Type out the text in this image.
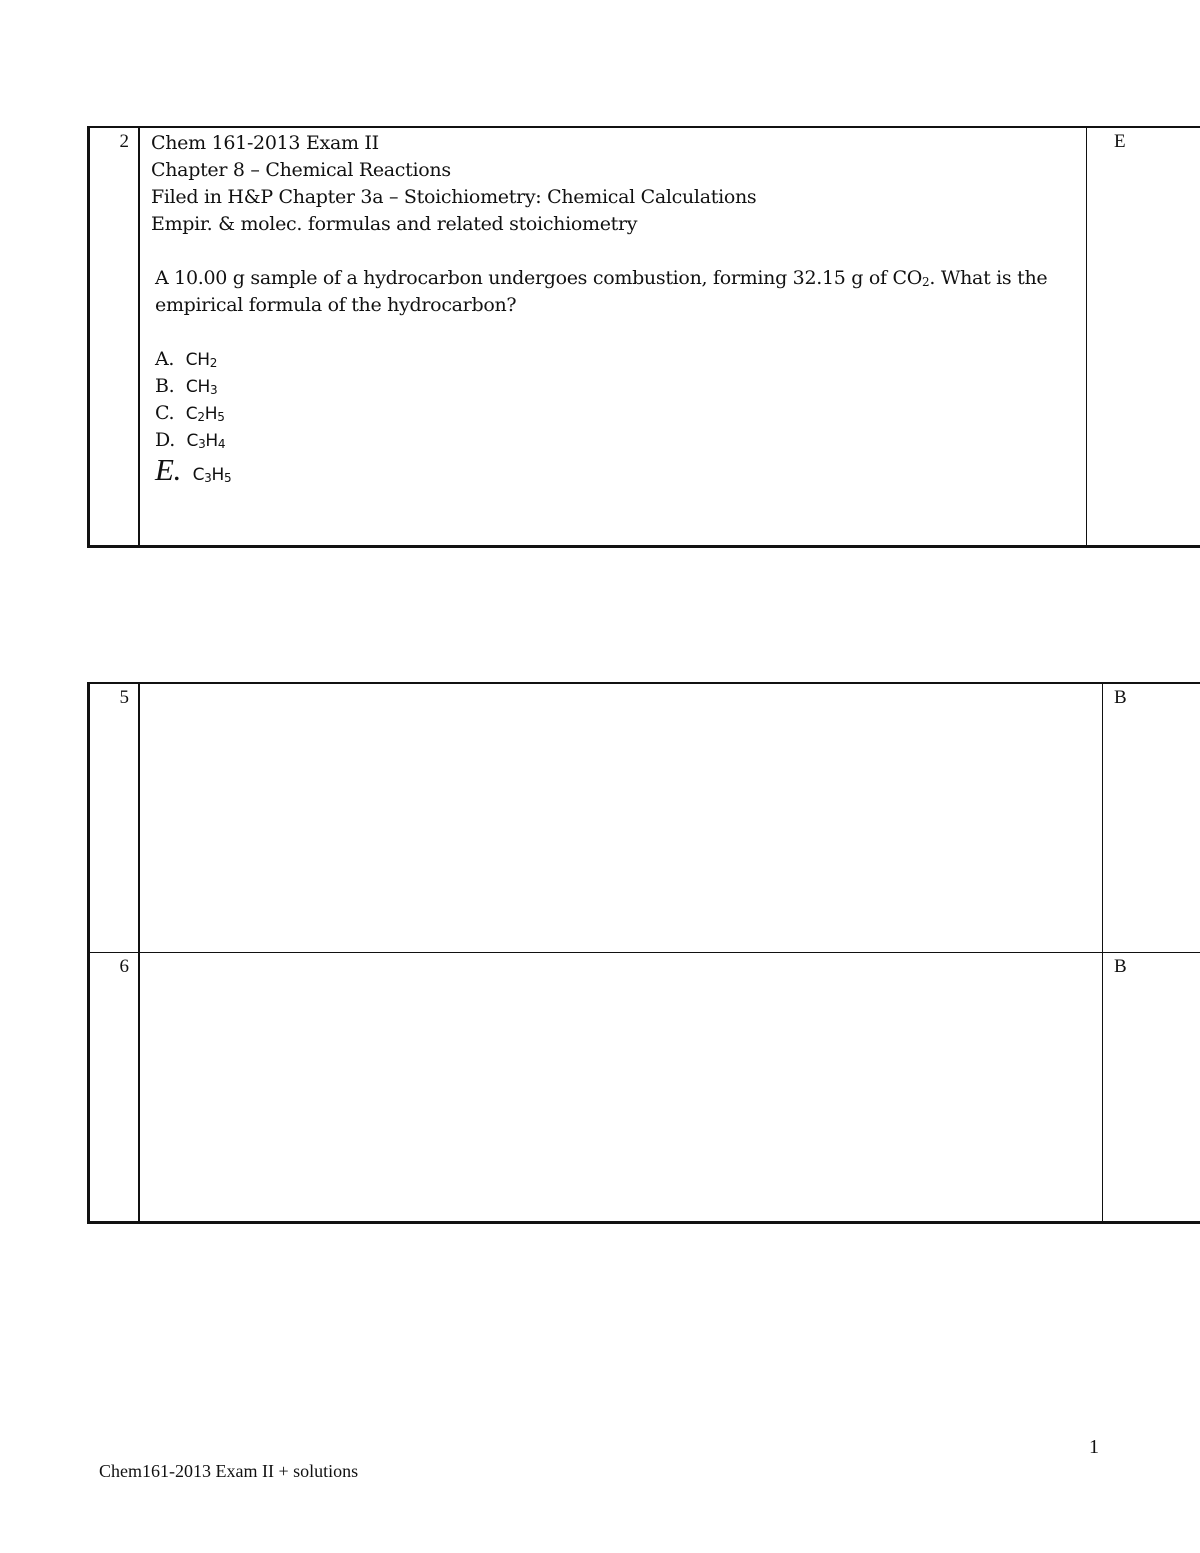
2	Chem 161-2013 Exam II

Chapter 8 – Chemical Reactions

Filed in H&P Chapter 3a – Stoichiometry: Chemical Calculations

Empir. & molec. formulas and related stoichiometry

A 10.00 g sample of a hydrocarbon undergoes combustion, forming 32.15 g of $CO_2$. What is the empirical formula of the hydrocarbon?

A. $CH_2$

B. $CH_3$

C. $C_2H_5$

D. $C_3H_4$

E. $C_3H_5$

	E
5		B
6		B
1
Chem161-2013 Exam II + solutions
